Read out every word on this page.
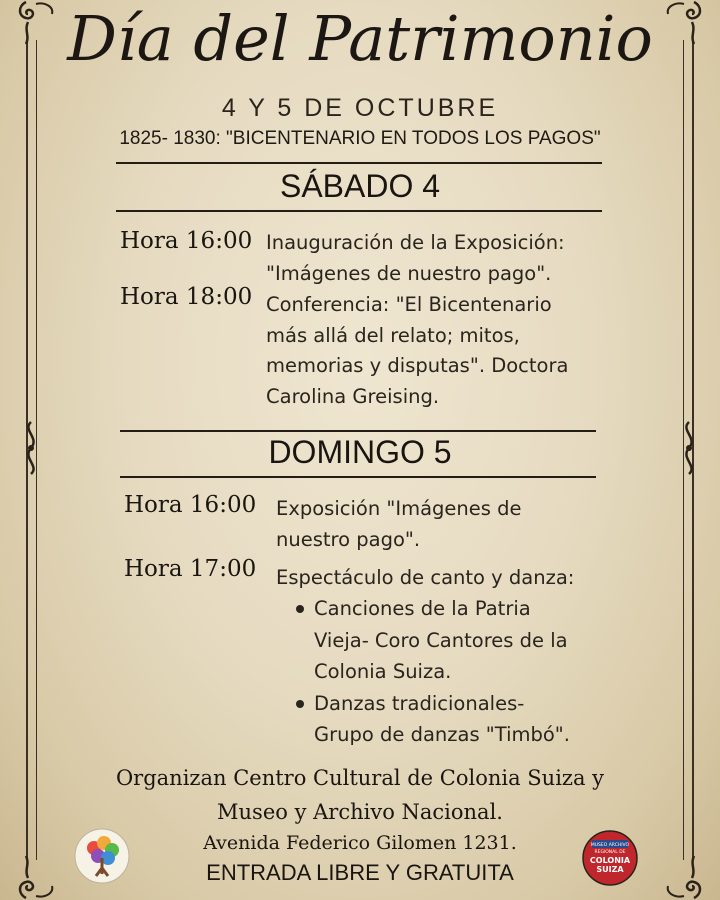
Día del Patrimonio
4 Y 5 DE OCTUBRE
1825- 1830: "BICENTENARIO EN TODOS LOS PAGOS"
SÁBADO 4
Hora 16:00 Inauguración de la Exposición:
"Imágenes de nuestro pago".
Hora 18:00 Conferencia: "El Bicentenario
más allá del relato; mitos,
memorias y disputas". Doctora
Carolina Greising.
DOMINGO 5
Hora 16:00 Exposición "Imágenes de
nuestro pago".
Hora 17:00 Espectáculo de canto y danza:
Canciones de la Patria
Vieja- Coro Cantores de la
Colonia Suiza.
Danzas tradicionales-
Grupo de danzas "Timbó".
Organizan Centro Cultural de Colonia Suiza y
Museo y Archivo Nacional.
Avenida Federico Gilomen 1231.
ENTRADA LIBRE Y GRATUITA
MUSEO ARCHIVO
REGIONAL DE
COLONIA
SUIZA
